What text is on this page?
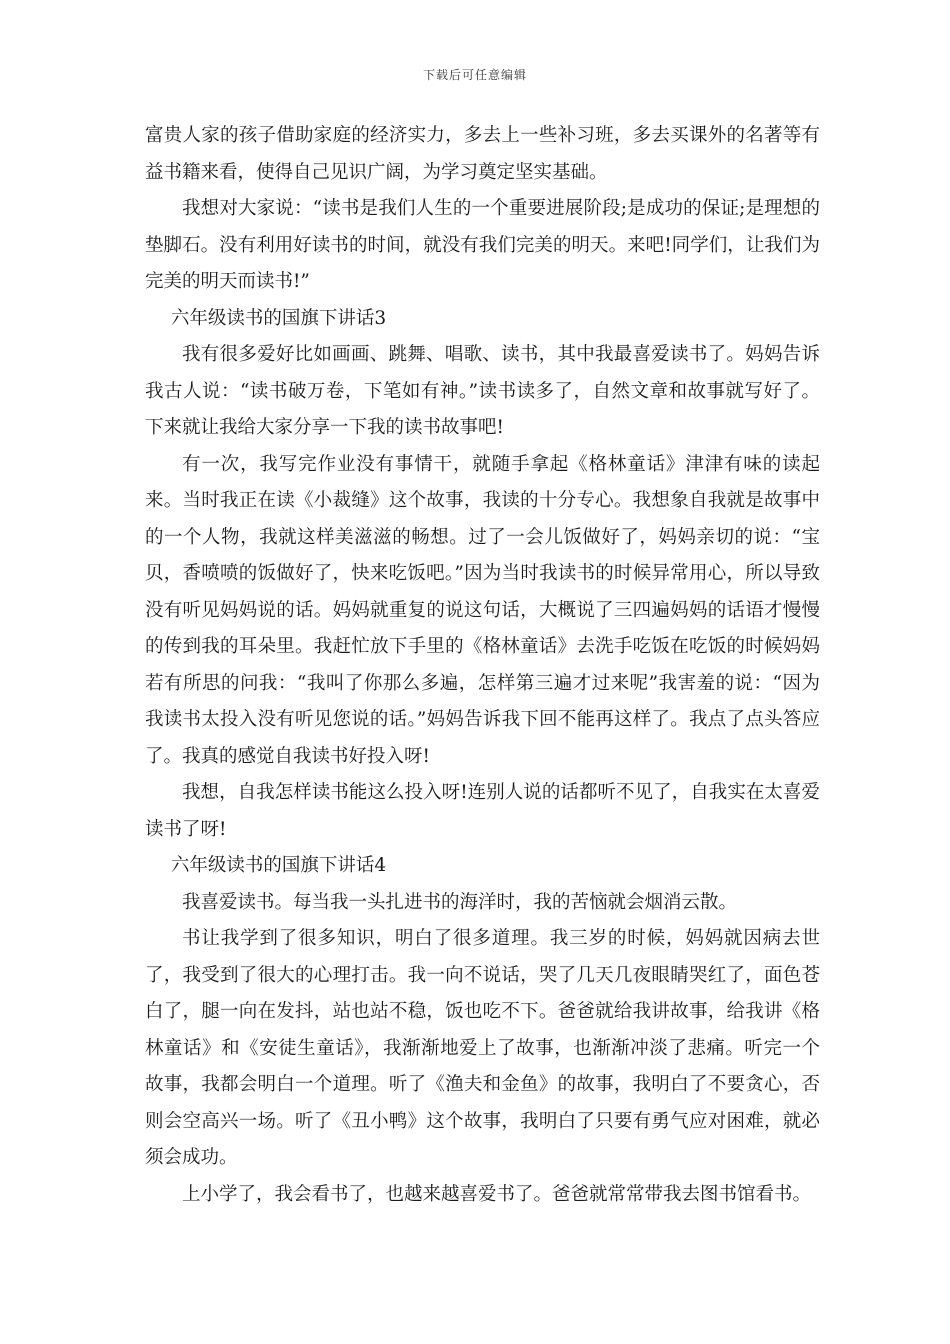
下载后可任意编辑

富贵人家的孩子借助家庭的经济实力，多去上一些补习班，多去买课外的名著等有益书籍来看，使得自己见识广阔，为学习奠定坚实基础。

我想对大家说：“读书是我们人生的一个重要进展阶段;是成功的保证;是理想的垫脚石。没有利用好读书的时间，就没有我们完美的明天。来吧!同学们，让我们为完美的明天而读书!”

六年级读书的国旗下讲话3

我有很多爱好比如画画、跳舞、唱歌、读书，其中我最喜爱读书了。妈妈告诉我古人说：“读书破万卷，下笔如有神。”读书读多了，自然文章和故事就写好了。下来就让我给大家分享一下我的读书故事吧!

有一次，我写完作业没有事情干，就随手拿起《格林童话》津津有味的读起来。当时我正在读《小裁缝》这个故事，我读的十分专心。我想象自我就是故事中的一个人物，我就这样美滋滋的畅想。过了一会儿饭做好了，妈妈亲切的说：“宝贝，香喷喷的饭做好了，快来吃饭吧。”因为当时我读书的时候异常用心，所以导致没有听见妈妈说的话。妈妈就重复的说这句话，大概说了三四遍妈妈的话语才慢慢的传到我的耳朵里。我赶忙放下手里的《格林童话》去洗手吃饭在吃饭的时候妈妈若有所思的问我：“我叫了你那么多遍，怎样第三遍才过来呢”我害羞的说：“因为我读书太投入没有听见您说的话。”妈妈告诉我下回不能再这样了。我点了点头答应了。我真的感觉自我读书好投入呀!

我想，自我怎样读书能这么投入呀!连别人说的话都听不见了，自我实在太喜爱读书了呀!

六年级读书的国旗下讲话4

我喜爱读书。每当我一头扎进书的海洋时，我的苦恼就会烟消云散。

书让我学到了很多知识，明白了很多道理。我三岁的时候，妈妈就因病去世了，我受到了很大的心理打击。我一向不说话，哭了几天几夜眼睛哭红了，面色苍白了，腿一向在发抖，站也站不稳，饭也吃不下。爸爸就给我讲故事，给我讲《格林童话》和《安徒生童话》，我渐渐地爱上了故事，也渐渐冲淡了悲痛。听完一个故事，我都会明白一个道理。听了《渔夫和金鱼》的故事，我明白了不要贪心，否则会空高兴一场。听了《丑小鸭》这个故事，我明白了只要有勇气应对困难，就必须会成功。

上小学了，我会看书了，也越来越喜爱书了。爸爸就常常带我去图书馆看书。
